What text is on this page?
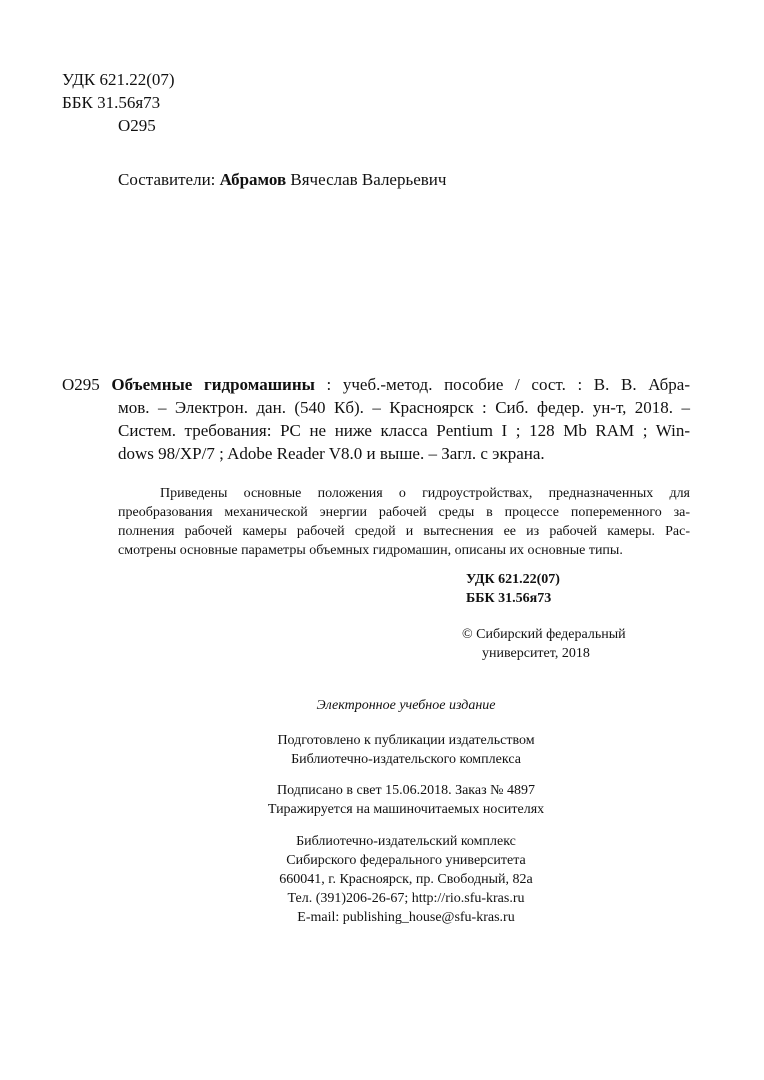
УДК 621.22(07)
ББК 31.56я73
О295
Составители: Абрамов Вячеслав Валерьевич
О295 Объемные гидромашины : учеб.-метод. пособие / сост. : В. В. Абра-
мов. – Электрон. дан. (540 Кб). – Красноярск : Сиб. федер. ун-т, 2018. –
Систем. требования: PC не ниже класса Pentium I ; 128 Mb RAM ; Win-
dows 98/XP/7 ; Adobe Reader V8.0 и выше. – Загл. с экрана.
Приведены основные положения о гидроустройствах, предназначенных для
преобразования механической энергии рабочей среды в процессе попеременного за-
полнения рабочей камеры рабочей средой и вытеснения ее из рабочей камеры. Рас-
смотрены основные параметры объемных гидромашин, описаны их основные типы.
УДК 621.22(07)
ББК 31.56я73
© Сибирский федеральный
университет, 2018
Электронное учебное издание
Подготовлено к публикации издательством
Библиотечно-издательского комплекса
Подписано в свет 15.06.2018. Заказ № 4897
Тиражируется на машиночитаемых носителях
Библиотечно-издательский комплекс
Сибирского федерального университета
660041, г. Красноярск, пр. Свободный, 82а
Тел. (391)206-26-67; http://rio.sfu-kras.ru
E-mail: publishing_house@sfu-kras.ru
